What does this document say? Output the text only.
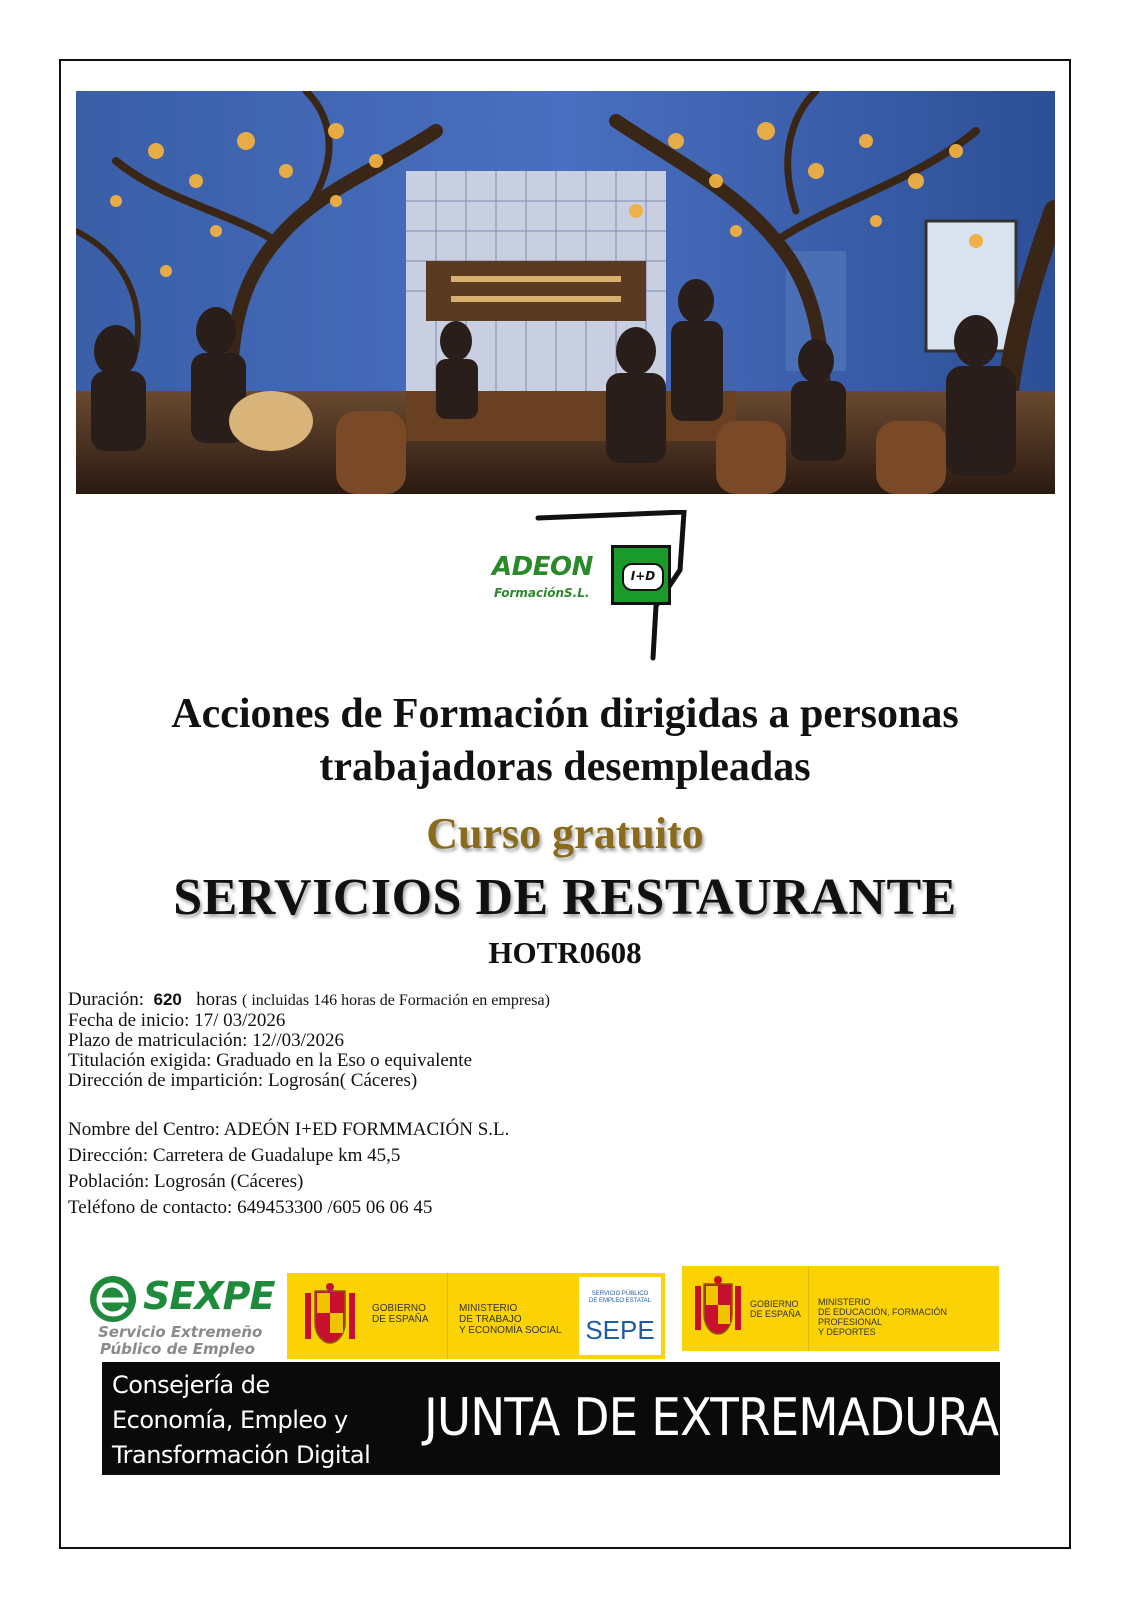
ADEON
FormaciónS.L.
I+D
Acciones de Formación dirigidas a personas
trabajadoras desempleadas
Curso gratuito
SERVICIOS DE RESTAURANTE
HOTR0608
Duración: 620 horas ( incluidas 146 horas de Formación en empresa)
Fecha de inicio: 17/ 03/2026
Plazo de matriculación: 12//03/2026
Titulación exigida: Graduado en la Eso o equivalente
Dirección de impartición: Logrosán( Cáceres)
Nombre del Centro: ADEÓN I+ED FORMMACIÓN S.L.
Dirección: Carretera de Guadalupe km 45,5
Población: Logrosán (Cáceres)
Teléfono de contacto: 649453300 /605 06 06 45
SEXPE
Servicio Extremeño
Público de Empleo
GOBIERNO
DE ESPAÑA
MINISTERIO
DE TRABAJO
Y ECONOMÍA SOCIAL
SERVICIO PÚBLICO
DE EMPLEO ESTATAL
SEPE
GOBIERNO
DE ESPAÑA
MINISTERIO
DE EDUCACIÓN, FORMACIÓN PROFESIONAL
Y DEPORTES
Consejería de
Economía, Empleo y
Transformación Digital
JUNTA DE EXTREMADURA
